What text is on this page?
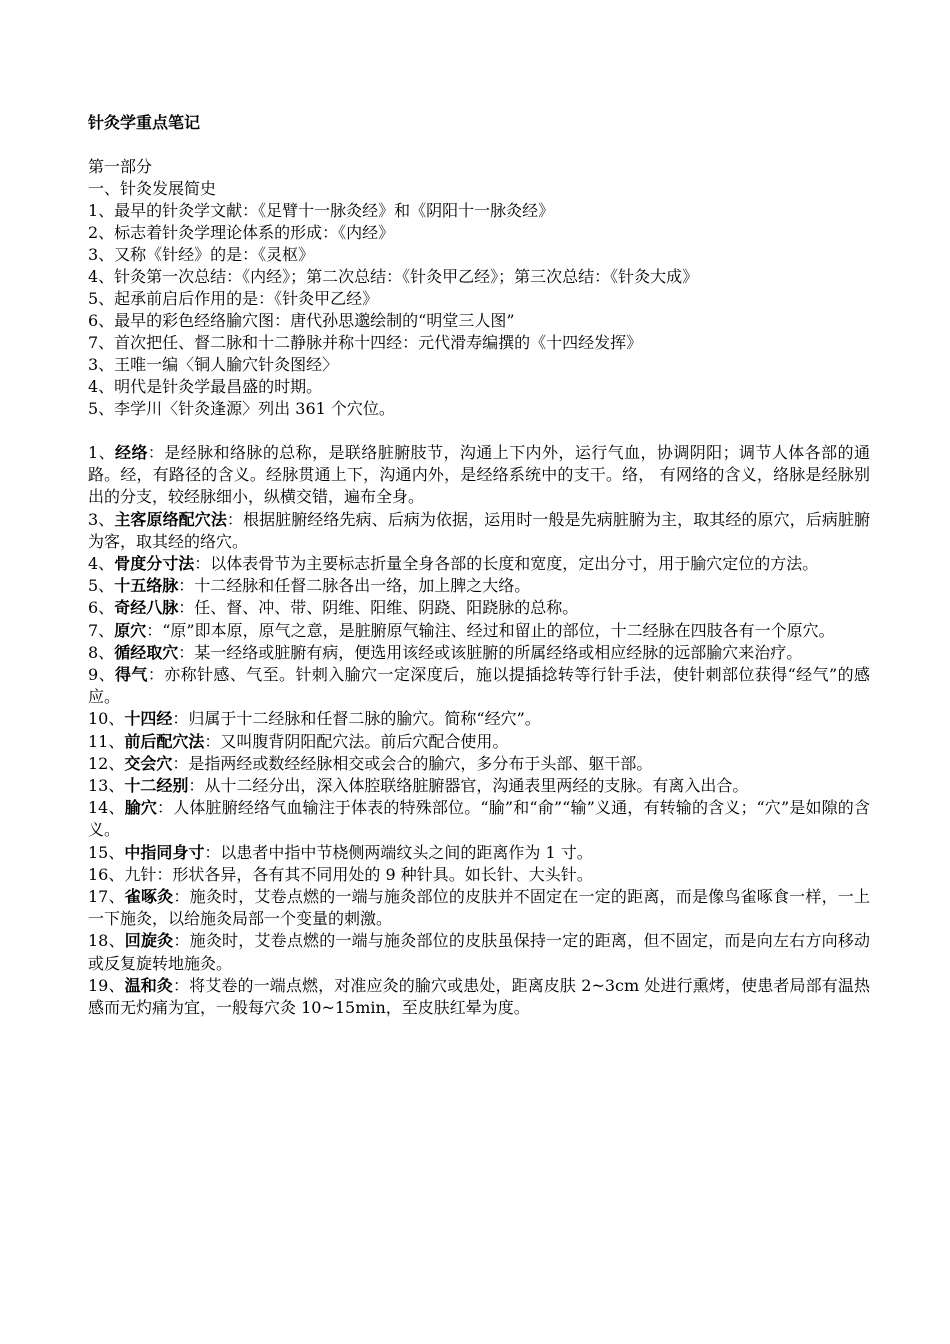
针灸学重点笔记

第一部分

一、针灸发展简史

1、最早的针灸学文献：《足臂十一脉灸经》和《阴阳十一脉灸经》

2、标志着针灸学理论体系的形成：《内经》

3、又称《针经》的是：《灵枢》

4、针灸第一次总结：《内经》；第二次总结：《针灸甲乙经》；第三次总结：《针灸大成》

5、起承前启后作用的是：《针灸甲乙经》

6、最早的彩色经络腧穴图：唐代孙思邈绘制的“明堂三人图”

7、首次把任、督二脉和十二静脉并称十四经：元代滑寿编撰的《十四经发挥》

3、王唯一编〈铜人腧穴针灸图经〉

4、明代是针灸学最昌盛的时期。

5、李学川〈针灸逢源〉列出 361 个穴位。

1、经络：是经脉和络脉的总称，是联络脏腑肢节，沟通上下内外，运行气血，协调阴阳；调节人体各部的通路。经，有路径的含义。经脉贯通上下，沟通内外，是经络系统中的支干。络， 有网络的含义，络脉是经脉别出的分支，较经脉细小，纵横交错，遍布全身。

3、主客原络配穴法：根据脏腑经络先病、后病为依据，运用时一般是先病脏腑为主，取其经的原穴，后病脏腑为客，取其经的络穴。

4、骨度分寸法：以体表骨节为主要标志折量全身各部的长度和宽度，定出分寸，用于腧穴定位的方法。

5、十五络脉：十二经脉和任督二脉各出一络，加上脾之大络。

6、奇经八脉：任、督、冲、带、阴维、阳维、阴跷、阳跷脉的总称。

7、原穴：“原”即本原，原气之意，是脏腑原气输注、经过和留止的部位，十二经脉在四肢各有一个原穴。

8、循经取穴：某一经络或脏腑有病，便选用该经或该脏腑的所属经络或相应经脉的远部腧穴来治疗。

9、得气：亦称针感、气至。针刺入腧穴一定深度后，施以提插捻转等行针手法，使针刺部位获得“经气”的感应。

10、十四经：归属于十二经脉和任督二脉的腧穴。简称“经穴”。

11、前后配穴法：又叫腹背阴阳配穴法。前后穴配合使用。

12、交会穴：是指两经或数经经脉相交或会合的腧穴，多分布于头部、躯干部。

13、十二经别：从十二经分出，深入体腔联络脏腑器官，沟通表里两经的支脉。有离入出合。

14、腧穴：人体脏腑经络气血输注于体表的特殊部位。“腧”和“俞”“输”义通，有转输的含义；“穴”是如隙的含义。

15、中指同身寸：以患者中指中节桡侧两端纹头之间的距离作为 1 寸。

16、九针：形状各异，各有其不同用处的 9 种针具。如长针、大头针。

17、雀啄灸：施灸时，艾卷点燃的一端与施灸部位的皮肤并不固定在一定的距离，而是像鸟雀啄食一样，一上一下施灸，以给施灸局部一个变量的刺激。

18、回旋灸：施灸时，艾卷点燃的一端与施灸部位的皮肤虽保持一定的距离，但不固定，而是向左右方向移动或反复旋转地施灸。

19、温和灸：将艾卷的一端点燃，对准应灸的腧穴或患处，距离皮肤 2~3cm 处进行熏烤，使患者局部有温热感而无灼痛为宜，一般每穴灸 10~15min，至皮肤红晕为度。
